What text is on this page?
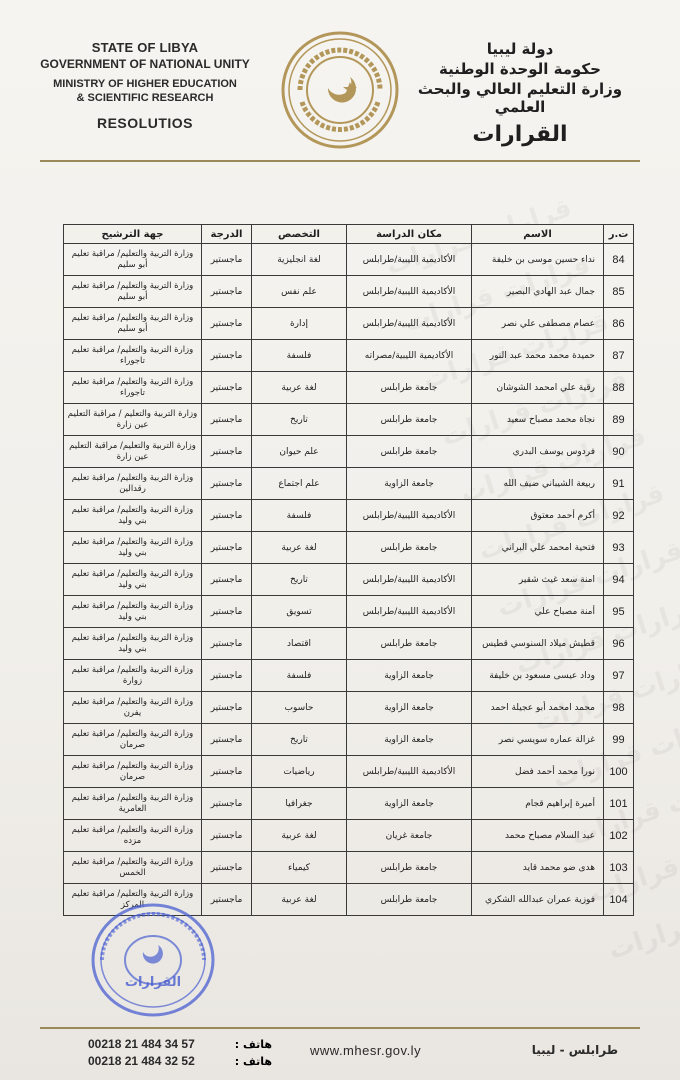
STATE OF LIBYA
GOVERNMENT OF NATIONAL UNITY
MINISTRY OF HIGHER EDUCATION
& SCIENTIFIC RESEARCH
RESOLUTIOS
دولة ليبيا
حكومة الوحدة الوطنية
وزارة التعليم العالي والبحث العلمي
القرارات
ت.ر	الاسم	مكان الدراسة	التخصص	الدرجة	جهة الترشيح
84	نداء حسين موسى بن خليفة	الأكاديمية الليبية/طرابلس	لغة انجليزية	ماجستير	وزارة التربية والتعليم/ مراقبة تعليم أبو سليم
85	جمال عبد الهادي البصير	الأكاديمية الليبية/طرابلس	علم نفس	ماجستير	وزارة التربية والتعليم/ مراقبة تعليم أبو سليم
86	عصام مصطفى علي نصر	الأكاديمية الليبية/طرابلس	إدارة	ماجستير	وزارة التربية والتعليم/ مراقبة تعليم أبو سليم
87	حميدة محمد محمد عبد النور	الأكاديمية الليبية/مصراته	فلسفة	ماجستير	وزارة التربية والتعليم/ مراقبة تعليم تاجوراء
88	رقية علي امحمد الشوشان	جامعة طرابلس	لغة عربية	ماجستير	وزارة التربية والتعليم/ مراقبة تعليم تاجوراء
89	نجاة محمد مصباح سعيد	جامعة طرابلس	تاريخ	ماجستير	وزارة التربية والتعليم / مراقبة التعليم عين زارة
90	فردوس يوسف البدري	جامعة طرابلس	علم حيوان	ماجستير	وزارة التربية والتعليم/ مراقبة التعليم عين زارة
91	ربيعة الشيباني ضيف الله	جامعة الزاوية	علم اجتماع	ماجستير	وزارة التربية والتعليم/ مراقبة تعليم رقدالين
92	أكرم أحمد معتوق	الأكاديمية الليبية/طرابلس	فلسفة	ماجستير	وزارة التربية والتعليم/ مراقبة تعليم بني وليد
93	فتحية امحمد علي البراني	جامعة طرابلس	لغة عربية	ماجستير	وزارة التربية والتعليم/ مراقبة تعليم بني وليد
94	امنة سعد غيث شقير	الأكاديمية الليبية/طرابلس	تاريخ	ماجستير	وزارة التربية والتعليم/ مراقبة تعليم بني وليد
95	أمنة مصباح علي	الأكاديمية الليبية/طرابلس	تسويق	ماجستير	وزارة التربية والتعليم/ مراقبة تعليم بني وليد
96	قطيش ميلاد السنوسي قطيس	جامعة طرابلس	اقتصاد	ماجستير	وزارة التربية والتعليم/ مراقبة تعليم بني وليد
97	وداد عيسى مسعود بن خليفة	جامعة الزاوية	فلسفة	ماجستير	وزارة التربية والتعليم/ مراقبة تعليم زوارة
98	محمد امحمد أبو عجيلة احمد	جامعة الزاوية	حاسوب	ماجستير	وزارة التربية والتعليم/ مراقبة تعليم يفرن
99	غزالة عماره سويسي نصر	جامعة الزاوية	تاريخ	ماجستير	وزارة التربية والتعليم/ مراقبة تعليم صرمان
100	نورا محمد أحمد فضل	الأكاديمية الليبية/طرابلس	رياضيات	ماجستير	وزارة التربية والتعليم/ مراقبة تعليم صرمان
101	أميرة إبراهيم قجام	جامعة الزاوية	جغرافيا	ماجستير	وزارة التربية والتعليم/ مراقبة تعليم العامرية
102	عبد السلام مصباح محمد	جامعة غريان	لغة عربية	ماجستير	وزارة التربية والتعليم/ مراقبة تعليم مزده
103	هدى ضو محمد قايد	جامعة طرابلس	كيمياء	ماجستير	وزارة التربية والتعليم/ مراقبة تعليم الخمس
104	فوزية عمران عبدالله الشكري	جامعة طرابلس	لغة عربية	ماجستير	وزارة التربية والتعليم/ مراقبة تعليم المركز
القرارات
00218 21 484 34 57
00218 21 484 32 52
هاتف :
هاتف :
www.mhesr.gov.ly	طرابلس - ليبيا
